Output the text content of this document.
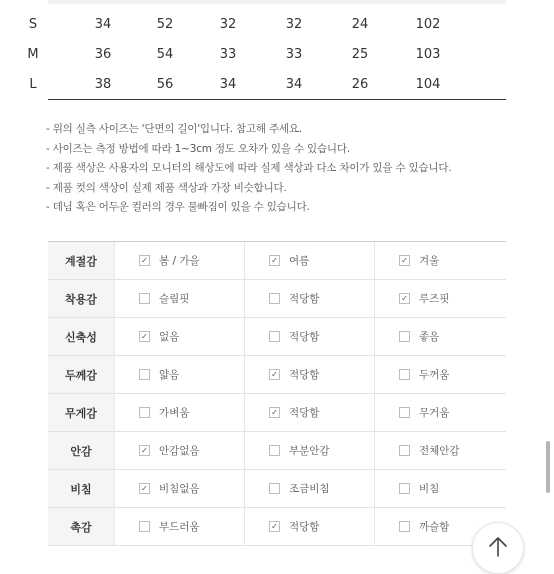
S	34	52	32	32	24	102
M	36	54	33	33	25	103
L	38	56	34	34	26	104
- 위의 실측 사이즈는 '단면의 길이'입니다. 참고해 주세요.
- 사이즈는 측정 방법에 따라 1~3cm 정도 오차가 있을 수 있습니다.
- 제품 색상은 사용자의 모니터의 해상도에 따라 실제 색상과 다소 차이가 있을 수 있습니다.
- 제품 컷의 색상이 실제 제품 색상과 가장 비슷합니다.
- 데님 혹은 어두운 컬러의 경우 물빠짐이 있을 수 있습니다.
계절감	✓ 봄 / 가을	✓ 여름	✓ 겨울
착용감	슬림핏	적당함	✓ 루즈핏
신축성	✓ 없음	적당함	좋음
두께감	얇음	✓ 적당함	두꺼움
무게감	가벼움	✓ 적당함	무거움
안감	✓ 안감없음	부분안감	전체안감
비침	✓ 비침없음	조금비침	비침
촉감	부드러움	✓ 적당함	까슬함
